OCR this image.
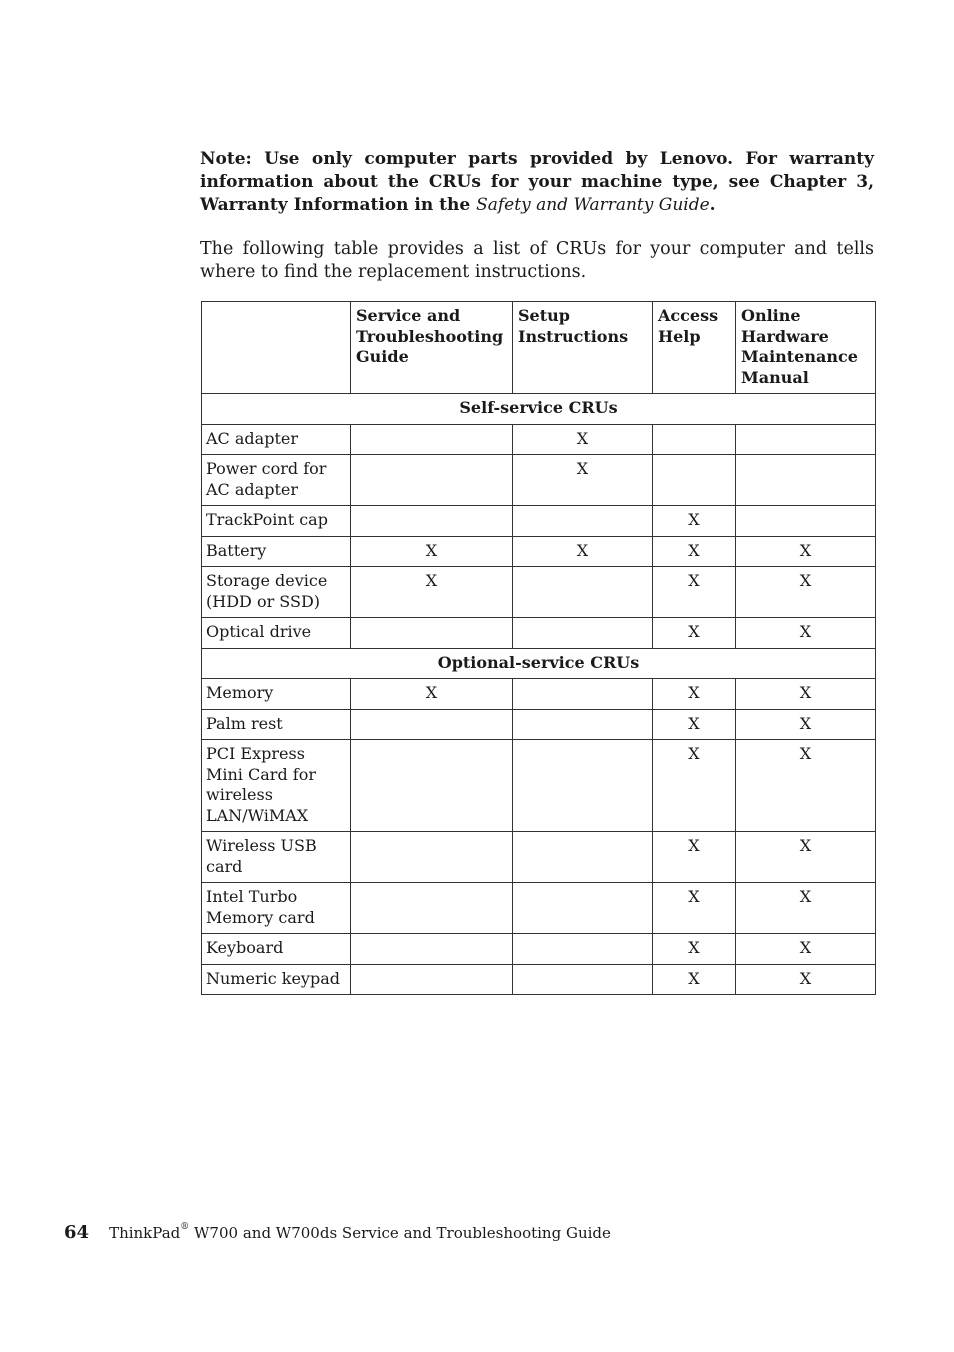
Note: Use only computer parts provided by Lenovo. For warranty information about the CRUs for your machine type, see Chapter 3, Warranty Information in the Safety and Warranty Guide.

The following table provides a list of CRUs for your computer and tells where to find the replacement instructions.

	Service and Troubleshooting Guide	Setup Instructions	Access Help	Online Hardware Maintenance Manual
Self-service CRUs				
AC adapter		X		
Power cord for AC adapter		X		
TrackPoint cap			X	
Battery	X	X	X	X
Storage device (HDD or SSD)	X		X	X
Optical drive			X	X
Optional-service CRUs				
Memory	X		X	X
Palm rest			X	X
PCI Express Mini Card for wireless LAN/WiMAX			X	X
Wireless USB card			X	X
Intel Turbo Memory card			X	X
Keyboard			X	X
Numeric keypad			X	X
64 ThinkPad® W700 and W700ds Service and Troubleshooting Guide
